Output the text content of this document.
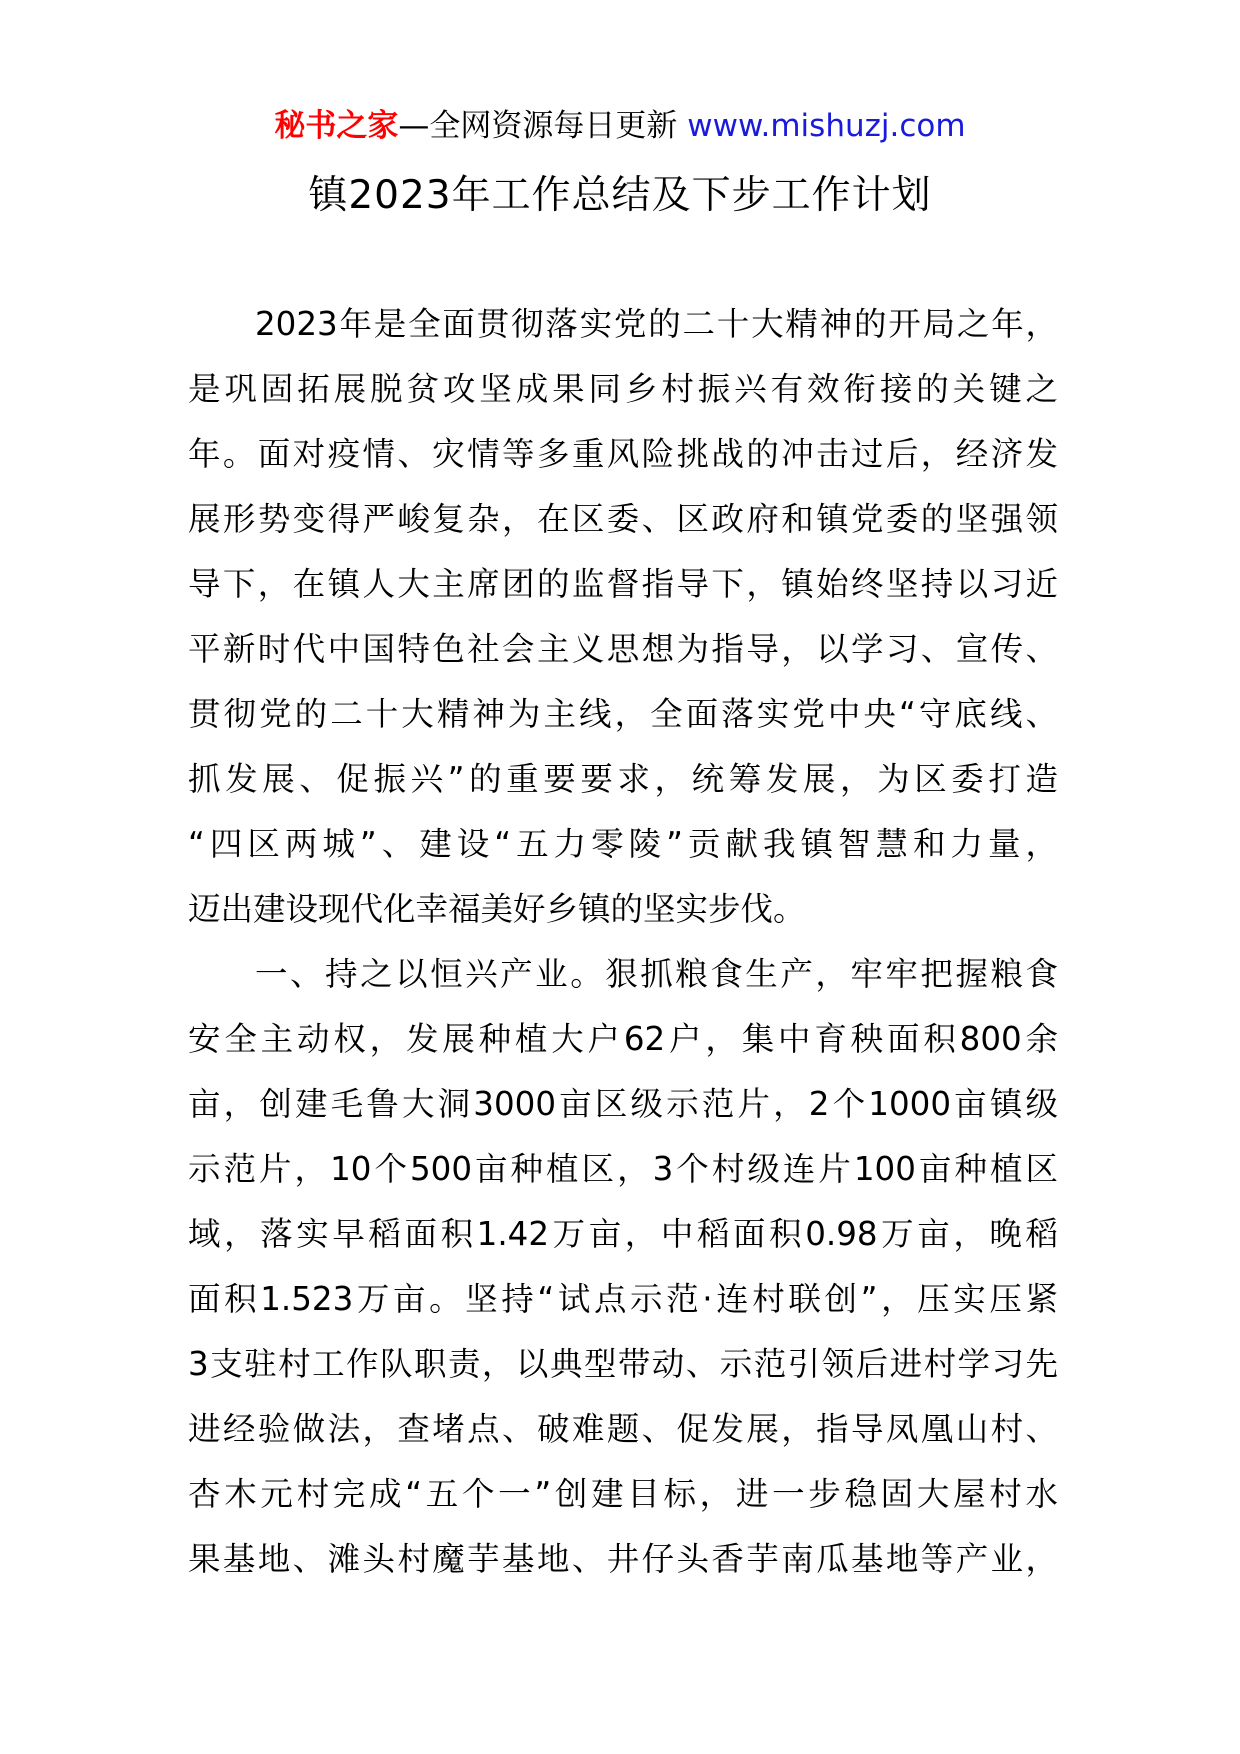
秘书之家—全网资源每日更新 www.mishuzj.com
镇2023年工作总结及下步工作计划
2023年是全面贯彻落实党的二十大精神的开局之年，
是巩固拓展脱贫攻坚成果同乡村振兴有效衔接的关键之
年。面对疫情、灾情等多重风险挑战的冲击过后，经济发
展形势变得严峻复杂，在区委、区政府和镇党委的坚强领
导下，在镇人大主席团的监督指导下，镇始终坚持以习近
平新时代中国特色社会主义思想为指导，以学习、宣传、
贯彻党的二十大精神为主线，全面落实党中央“守底线、
抓发展、促振兴”的重要要求，统筹发展，为区委打造
“四区两城”、建设“五力零陵”贡献我镇智慧和力量，
迈出建设现代化幸福美好乡镇的坚实步伐。
一、持之以恒兴产业。狠抓粮食生产，牢牢把握粮食
安全主动权，发展种植大户62户，集中育秧面积800余
亩，创建毛鲁大洞3000亩区级示范片，2个1000亩镇级
示范片，10个500亩种植区，3个村级连片100亩种植区
域，落实早稻面积1.42万亩，中稻面积0.98万亩，晚稻
面积1.523万亩。坚持“试点示范·连村联创”，压实压紧
3支驻村工作队职责，以典型带动、示范引领后进村学习先
进经验做法，查堵点、破难题、促发展，指导凤凰山村、
杏木元村完成“五个一”创建目标，进一步稳固大屋村水
果基地、滩头村魔芋基地、井仔头香芋南瓜基地等产业，
